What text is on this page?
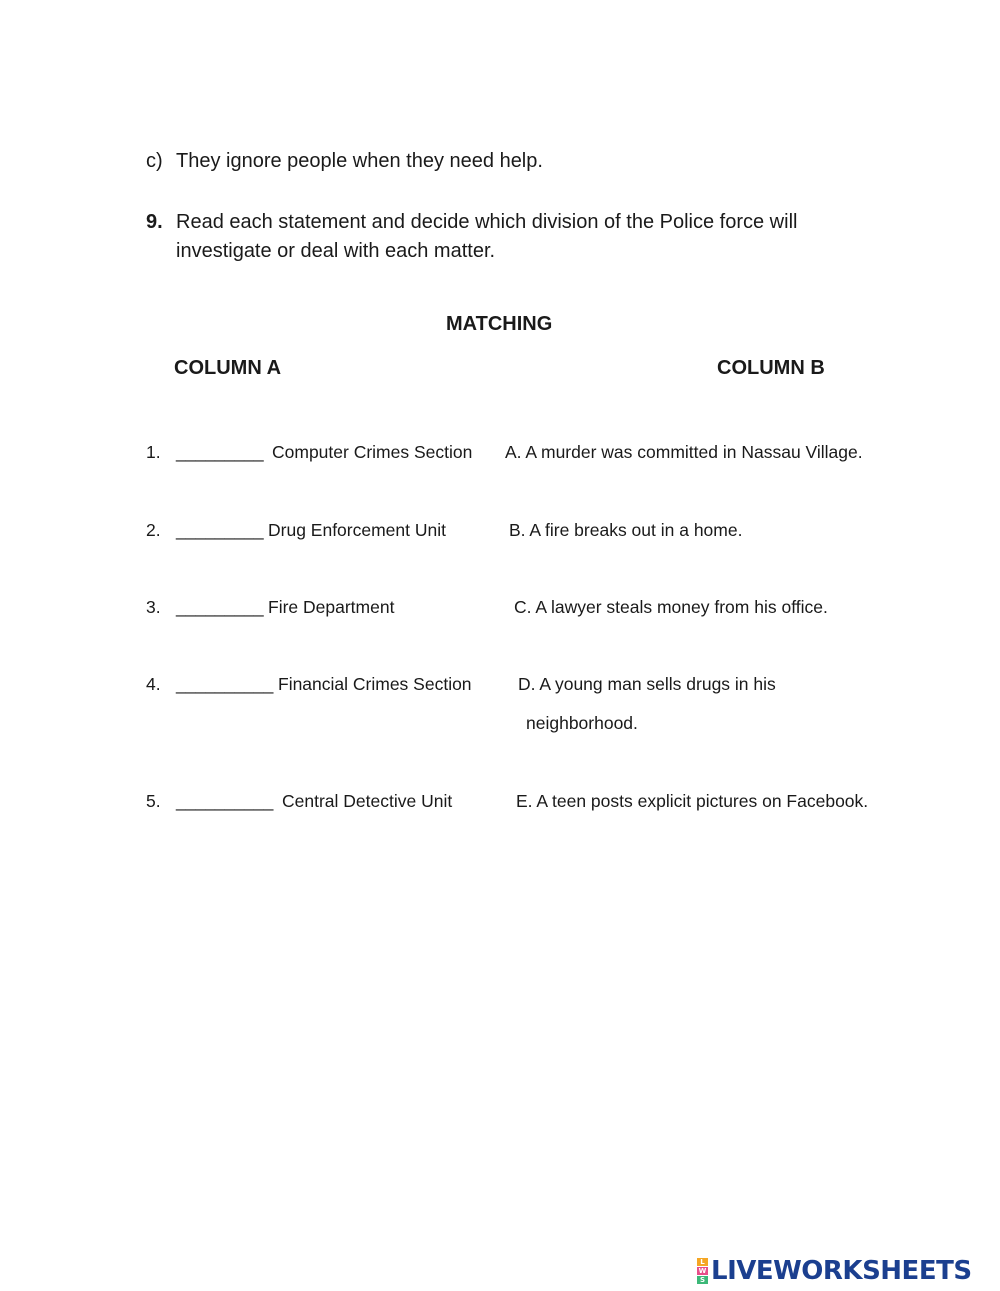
c) They ignore people when they need help.
9. Read each statement and decide which division of the Police force will
investigate or deal with each matter.
MATCHING
COLUMN A	COLUMN B
1. _________ Computer Crimes Section A. A murder was committed in Nassau Village.
2. _________ Drug Enforcement Unit	B. A fire breaks out in a home.
3. _________ Fire Department	C. A lawyer steals money from his office.
4. __________ Financial Crimes Section	D. A young man sells drugs in his
neighborhood.
5. __________ Central Detective Unit	E. A teen posts explicit pictures on Facebook.
L
W
S LIVEWORKSHEETS
